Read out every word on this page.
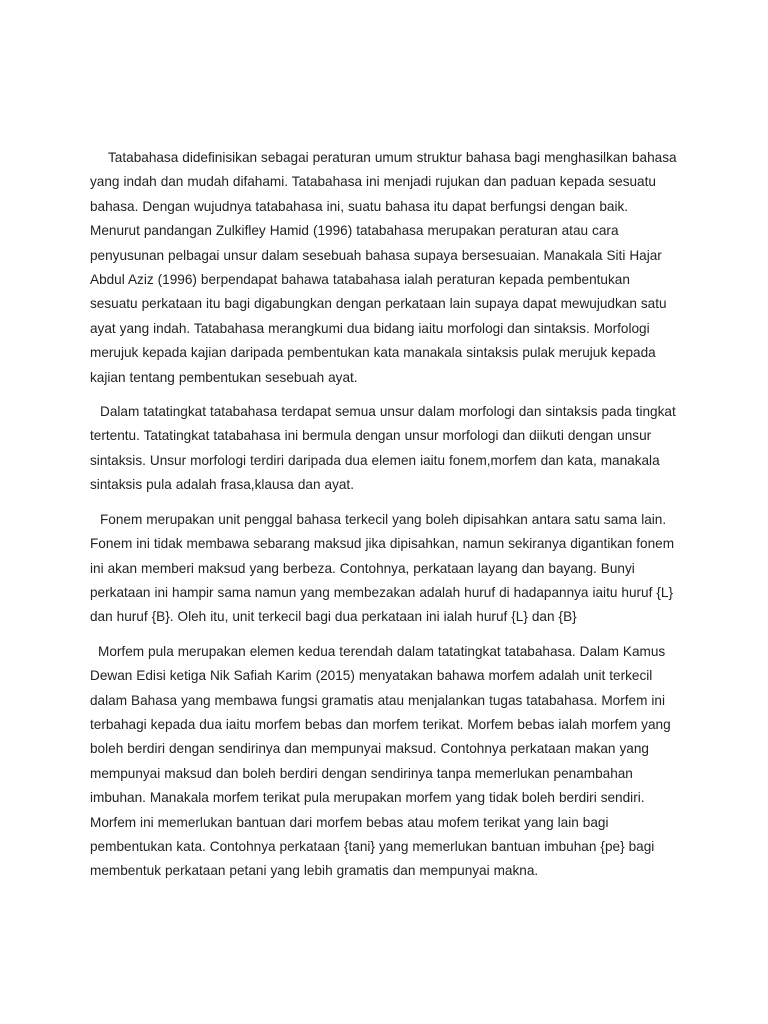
Tatabahasa didefinisikan sebagai peraturan umum struktur bahasa bagi menghasilkan bahasa yang indah dan mudah difahami. Tatabahasa ini menjadi rujukan dan paduan kepada sesuatu bahasa. Dengan wujudnya tatabahasa ini, suatu bahasa itu dapat berfungsi dengan baik. Menurut pandangan Zulkifley Hamid (1996) tatabahasa merupakan peraturan atau cara penyusunan pelbagai unsur dalam sesebuah bahasa supaya bersesuaian. Manakala Siti Hajar Abdul Aziz (1996) berpendapat bahawa tatabahasa ialah peraturan kepada pembentukan sesuatu perkataan itu bagi digabungkan dengan perkataan lain supaya dapat mewujudkan satu ayat yang indah. Tatabahasa merangkumi dua bidang iaitu morfologi dan sintaksis. Morfologi merujuk kepada kajian daripada pembentukan kata manakala sintaksis pulak merujuk kepada kajian tentang pembentukan sesebuah ayat.

Dalam tatatingkat tatabahasa terdapat semua unsur dalam morfologi dan sintaksis pada tingkat tertentu. Tatatingkat tatabahasa ini bermula dengan unsur morfologi dan diikuti dengan unsur sintaksis. Unsur morfologi terdiri daripada dua elemen iaitu fonem,morfem dan kata, manakala sintaksis pula adalah frasa,klausa dan ayat.

Fonem merupakan unit penggal bahasa terkecil yang boleh dipisahkan antara satu sama lain. Fonem ini tidak membawa sebarang maksud jika dipisahkan, namun sekiranya digantikan fonem ini akan memberi maksud yang berbeza. Contohnya, perkataan layang dan bayang. Bunyi perkataan ini hampir sama namun yang membezakan adalah huruf di hadapannya iaitu huruf {L} dan huruf {B}. Oleh itu, unit terkecil bagi dua perkataan ini ialah huruf {L} dan {B}

Morfem pula merupakan elemen kedua terendah dalam tatatingkat tatabahasa. Dalam Kamus Dewan Edisi ketiga Nik Safiah Karim (2015) menyatakan bahawa morfem adalah unit terkecil dalam Bahasa yang membawa fungsi gramatis atau menjalankan tugas tatabahasa. Morfem ini terbahagi kepada dua iaitu morfem bebas dan morfem terikat. Morfem bebas ialah morfem yang boleh berdiri dengan sendirinya dan mempunyai maksud. Contohnya perkataan makan yang mempunyai maksud dan boleh berdiri dengan sendirinya tanpa memerlukan penambahan imbuhan. Manakala morfem terikat pula merupakan morfem yang tidak boleh berdiri sendiri. Morfem ini memerlukan bantuan dari morfem bebas atau mofem terikat yang lain bagi pembentukan kata. Contohnya perkataan {tani} yang memerlukan bantuan imbuhan {pe} bagi membentuk perkataan petani yang lebih gramatis dan mempunyai makna.
